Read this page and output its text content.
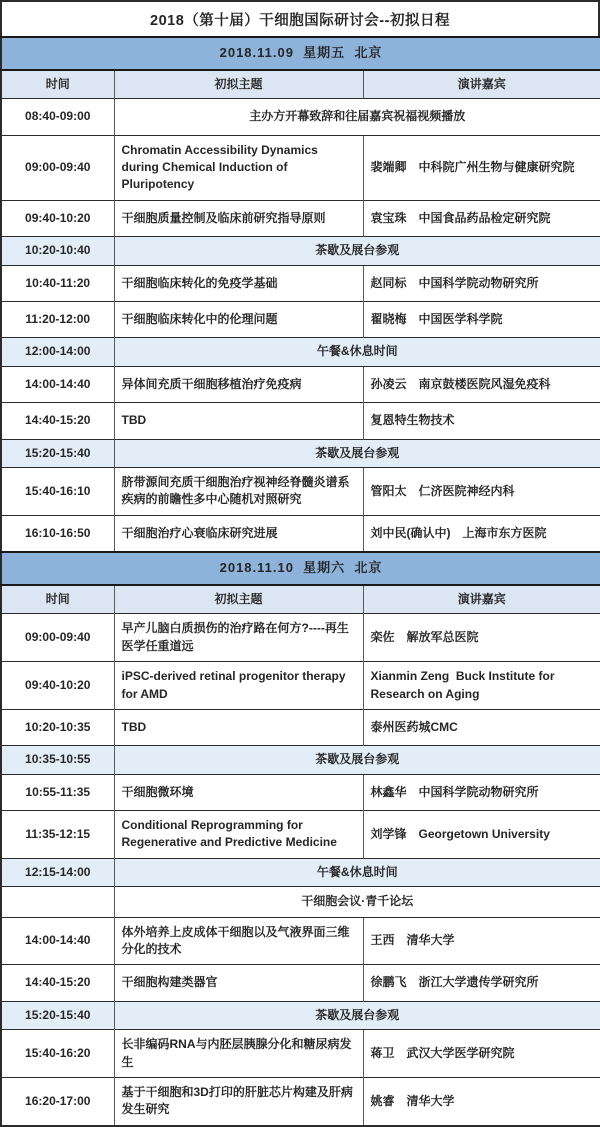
2018（第十届）干细胞国际研讨会--初拟日程
2018.11.09  星期五  北京		
时间	初拟主题	演讲嘉宾
08:40-09:00	主办方开幕致辞和往届嘉宾祝福视频播放	
09:00-09:40	Chromatin Accessibility Dynamics during Chemical Induction of Pluripotency	裴端卿　中科院广州生物与健康研究院
09:40-10:20	干细胞质量控制及临床前研究指导原则	袁宝珠　中国食品药品检定研究院
10:20-10:40	茶歇及展台参观	
10:40-11:20	干细胞临床转化的免疫学基础	赵同标　中国科学院动物研究所
11:20-12:00	干细胞临床转化中的伦理问题	翟晓梅　中国医学科学院
12:00-14:00	午餐&休息时间	
14:00-14:40	异体间充质干细胞移植治疗免疫病	孙凌云　南京鼓楼医院风湿免疫科
14:40-15:20	TBD	复恩特生物技术
15:20-15:40	茶歇及展台参观	
15:40-16:10	脐带源间充质干细胞治疗视神经脊髓炎谱系疾病的前瞻性多中心随机对照研究	管阳太　仁济医院神经内科
16:10-16:50	干细胞治疗心衰临床研究进展	刘中民(确认中)　上海市东方医院
2018.11.10  星期六  北京		
时间	初拟主题	演讲嘉宾
09:00-09:40	早产儿脑白质损伤的治疗路在何方?----再生医学任重道远	栾佐　解放军总医院
09:40-10:20	iPSC-derived retinal progenitor therapy for AMD	Xianmin Zeng  Buck Institute for Research on Aging
10:20-10:35	TBD	泰州医药城CMC
10:35-10:55	茶歇及展台参观	
10:55-11:35	干细胞微环境	林鑫华　中国科学院动物研究所
11:35-12:15	Conditional Reprogramming for Regenerative and Predictive Medicine	刘学锋　Georgetown University
12:15-14:00	午餐&休息时间	
	干细胞会议·青千论坛	
14:00-14:40	体外培养上皮成体干细胞以及气液界面三维分化的技术	王西　清华大学
14:40-15:20	干细胞构建类器官	徐鹏飞　浙江大学遗传学研究所
15:20-15:40	茶歇及展台参观	
15:40-16:20	长非编码RNA与内胚层胰腺分化和糖尿病发生	蒋卫　武汉大学医学研究院
16:20-17:00	基于干细胞和3D打印的肝脏芯片构建及肝病发生研究	姚睿　清华大学
